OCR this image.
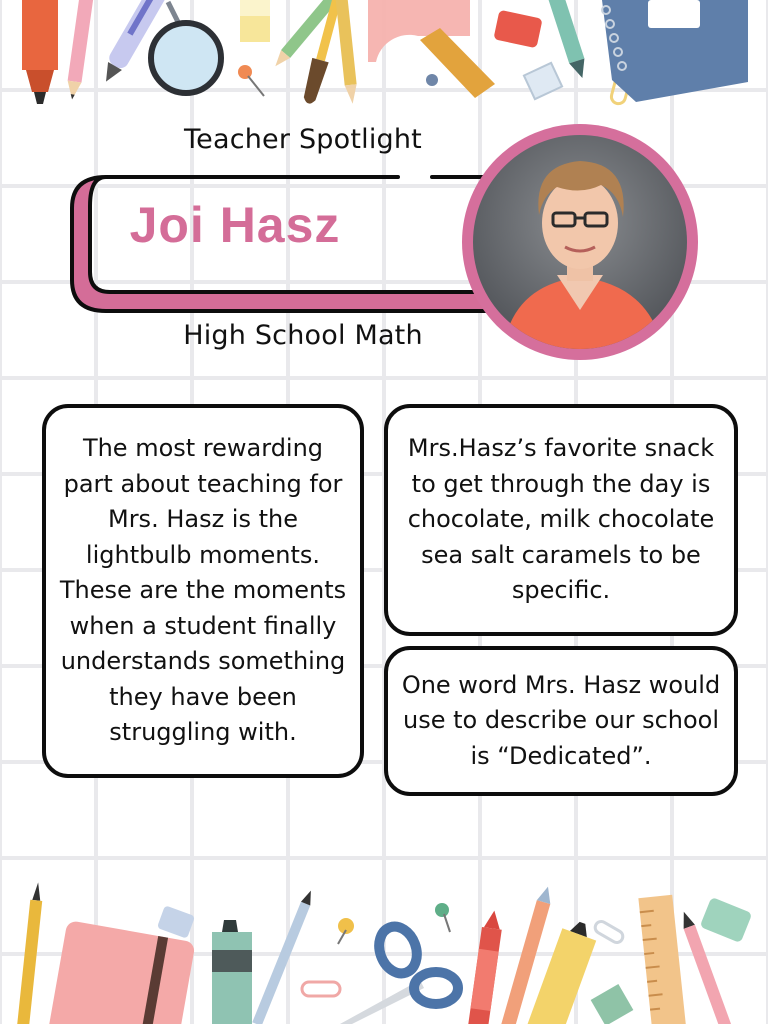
Teacher Spotlight
Joi Hasz
High School Math

The most rewarding part about teaching for Mrs. Hasz is the lightbulb moments. These are the moments when a student finally understands something they have been struggling with.

Mrs.Hasz’s favorite snack to get through the day is chocolate, milk chocolate sea salt caramels to be specific.

One word Mrs. Hasz would use to describe our school is “Dedicated”.
